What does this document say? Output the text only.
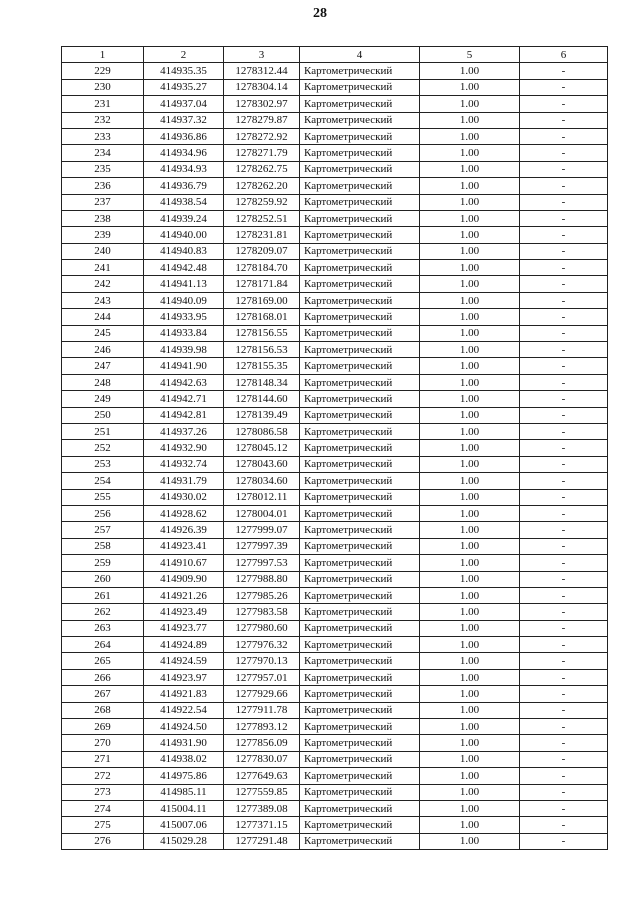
28
1	2	3	4	5	6
229	414935.35	1278312.44	Картометрический	1.00	-
230	414935.27	1278304.14	Картометрический	1.00	-
231	414937.04	1278302.97	Картометрический	1.00	-
232	414937.32	1278279.87	Картометрический	1.00	-
233	414936.86	1278272.92	Картометрический	1.00	-
234	414934.96	1278271.79	Картометрический	1.00	-
235	414934.93	1278262.75	Картометрический	1.00	-
236	414936.79	1278262.20	Картометрический	1.00	-
237	414938.54	1278259.92	Картометрический	1.00	-
238	414939.24	1278252.51	Картометрический	1.00	-
239	414940.00	1278231.81	Картометрический	1.00	-
240	414940.83	1278209.07	Картометрический	1.00	-
241	414942.48	1278184.70	Картометрический	1.00	-
242	414941.13	1278171.84	Картометрический	1.00	-
243	414940.09	1278169.00	Картометрический	1.00	-
244	414933.95	1278168.01	Картометрический	1.00	-
245	414933.84	1278156.55	Картометрический	1.00	-
246	414939.98	1278156.53	Картометрический	1.00	-
247	414941.90	1278155.35	Картометрический	1.00	-
248	414942.63	1278148.34	Картометрический	1.00	-
249	414942.71	1278144.60	Картометрический	1.00	-
250	414942.81	1278139.49	Картометрический	1.00	-
251	414937.26	1278086.58	Картометрический	1.00	-
252	414932.90	1278045.12	Картометрический	1.00	-
253	414932.74	1278043.60	Картометрический	1.00	-
254	414931.79	1278034.60	Картометрический	1.00	-
255	414930.02	1278012.11	Картометрический	1.00	-
256	414928.62	1278004.01	Картометрический	1.00	-
257	414926.39	1277999.07	Картометрический	1.00	-
258	414923.41	1277997.39	Картометрический	1.00	-
259	414910.67	1277997.53	Картометрический	1.00	-
260	414909.90	1277988.80	Картометрический	1.00	-
261	414921.26	1277985.26	Картометрический	1.00	-
262	414923.49	1277983.58	Картометрический	1.00	-
263	414923.77	1277980.60	Картометрический	1.00	-
264	414924.89	1277976.32	Картометрический	1.00	-
265	414924.59	1277970.13	Картометрический	1.00	-
266	414923.97	1277957.01	Картометрический	1.00	-
267	414921.83	1277929.66	Картометрический	1.00	-
268	414922.54	1277911.78	Картометрический	1.00	-
269	414924.50	1277893.12	Картометрический	1.00	-
270	414931.90	1277856.09	Картометрический	1.00	-
271	414938.02	1277830.07	Картометрический	1.00	-
272	414975.86	1277649.63	Картометрический	1.00	-
273	414985.11	1277559.85	Картометрический	1.00	-
274	415004.11	1277389.08	Картометрический	1.00	-
275	415007.06	1277371.15	Картометрический	1.00	-
276	415029.28	1277291.48	Картометрический	1.00	-
